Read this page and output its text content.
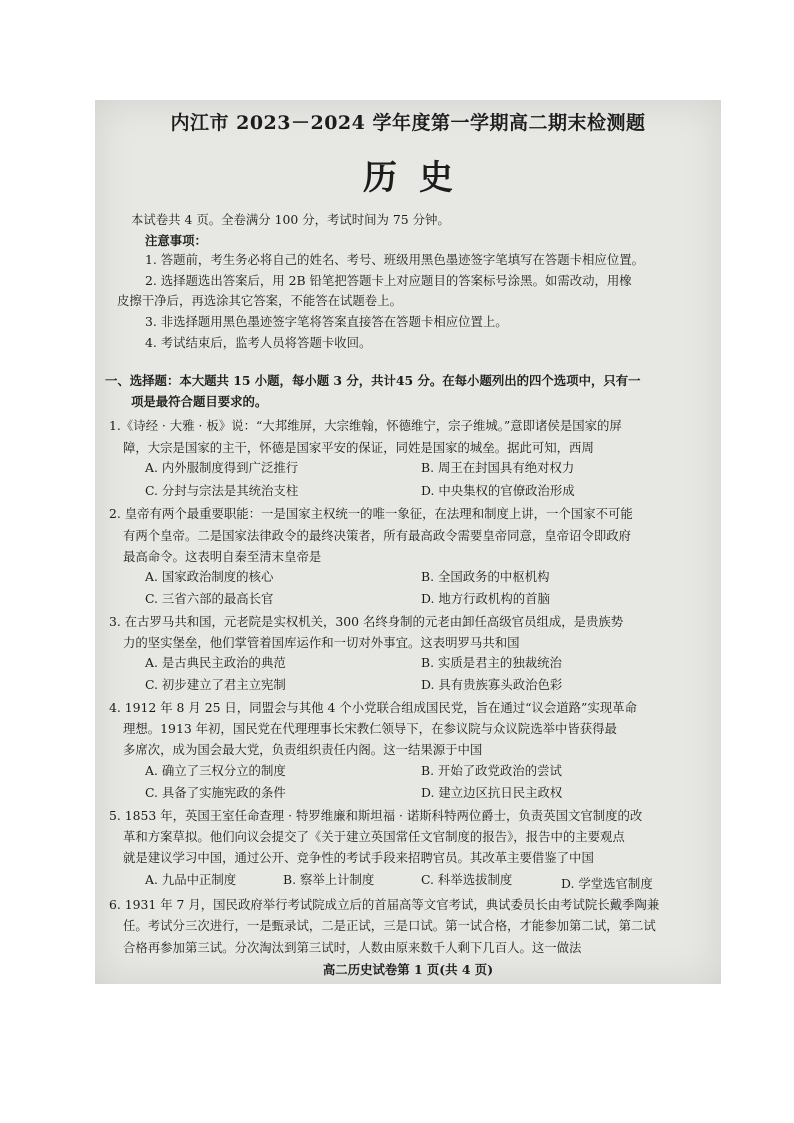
内江市 2023－2024 学年度第一学期高二期末检测题
历史
本试卷共 4 页。全卷满分 100 分，考试时间为 75 分钟。
注意事项：
1. 答题前，考生务必将自己的姓名、考号、班级用黑色墨迹签字笔填写在答题卡相应位置。
2. 选择题选出答案后，用 2B 铅笔把答题卡上对应题目的答案标号涂黑。如需改动，用橡
皮擦干净后，再选涂其它答案，不能答在试题卷上。
3. 非选择题用黑色墨迹签字笔将答案直接答在答题卡相应位置上。
4. 考试结束后，监考人员将答题卡收回。
一、选择题：本大题共 15 小题，每小题 3 分，共计45 分。在每小题列出的四个选项中，只有一
项是最符合题目要求的。
1.《诗经 · 大雅 · 板》说：“大邦维屏，大宗维翰，怀德维宁，宗子维城。”意即诸侯是国家的屏
障，大宗是国家的主干，怀德是国家平安的保证，同姓是国家的城垒。据此可知，西周
A. 内外服制度得到广泛推行	B. 周王在封国具有绝对权力
C. 分封与宗法是其统治支柱	D. 中央集权的官僚政治形成
2. 皇帝有两个最重要职能：一是国家主权统一的唯一象征，在法理和制度上讲，一个国家不可能
有两个皇帝。二是国家法律政令的最终决策者，所有最高政令需要皇帝同意，皇帝诏令即政府
最高命令。这表明自秦至清末皇帝是
A. 国家政治制度的核心	B. 全国政务的中枢机构
C. 三省六部的最高长官	D. 地方行政机构的首脑
3. 在古罗马共和国，元老院是实权机关，300 名终身制的元老由卸任高级官员组成，是贵族势
力的坚实堡垒，他们掌管着国库运作和一切对外事宜。这表明罗马共和国
A. 是古典民主政治的典范	B. 实质是君主的独裁统治
C. 初步建立了君主立宪制	D. 具有贵族寡头政治色彩
4. 1912 年 8 月 25 日，同盟会与其他 4 个小党联合组成国民党，旨在通过“议会道路”实现革命
理想。1913 年初，国民党在代理理事长宋教仁领导下，在参议院与众议院选举中皆获得最
多席次，成为国会最大党，负责组织责任内阁。这一结果源于中国
A. 确立了三权分立的制度	B. 开始了政党政治的尝试
C. 具备了实施宪政的条件	D. 建立边区抗日民主政权
5. 1853 年，英国王室任命查理 · 特罗维廉和斯坦福 · 诺斯科特两位爵士，负责英国文官制度的改
革和方案草拟。他们向议会提交了《关于建立英国常任文官制度的报告》，报告中的主要观点
就是建议学习中国，通过公开、竞争性的考试手段来招聘官员。其改革主要借鉴了中国
A. 九品中正制度	B. 察举上计制度	C. 科举选拔制度	D. 学堂选官制度
6. 1931 年 7 月，国民政府举行考试院成立后的首届高等文官考试，典试委员长由考试院长戴季陶兼
任。考试分三次进行，一是甄录试，二是正试，三是口试。第一试合格，才能参加第二试，第二试
合格再参加第三试。分次淘汰到第三试时，人数由原来数千人剩下几百人。这一做法
高二历史试卷第 1 页(共 4 页)
